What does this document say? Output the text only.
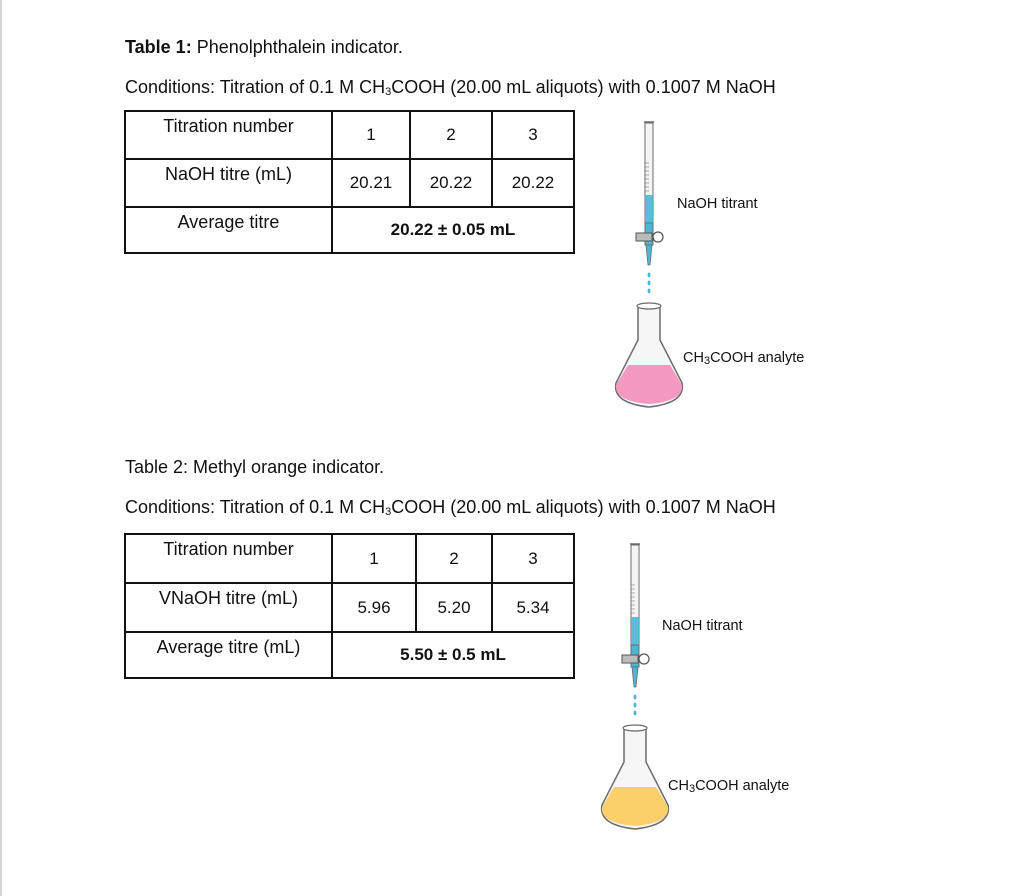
Table 1: Phenolphthalein indicator.
Conditions: Titration of 0.1 M $CH_3COOH$ (20.00 mL aliquots) with 0.1007 M NaOH
Titration number	1	2	3
NaOH titre (mL)	20.21	20.22	20.22
Average titre	20.22 ± 0.05 mL		
NaOH titrant
$CH_3COOH$ analyte
Table 2: Methyl orange indicator.
Conditions: Titration of 0.1 M $CH_3COOH$ (20.00 mL aliquots) with 0.1007 M NaOH
Titration number	1	2	3
VNaOH titre (mL)	5.96	5.20	5.34
Average titre (mL)	5.50 ± 0.5 mL		
NaOH titrant
$CH_3COOH$ analyte
